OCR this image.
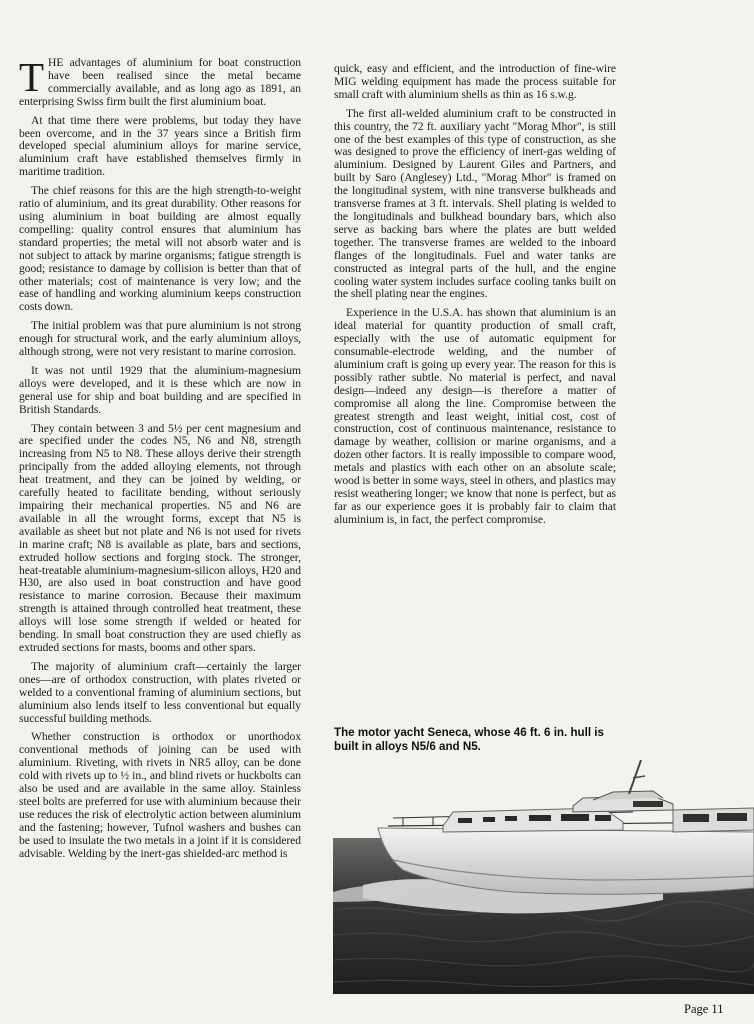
THE advantages of aluminium for boat construction have been realised since the metal became commercially available, and as long ago as 1891, an enterprising Swiss firm built the first aluminium boat.

At that time there were problems, but today they have been overcome, and in the 37 years since a British firm developed special aluminium alloys for marine service, aluminium craft have established themselves firmly in maritime tradition.

The chief reasons for this are the high strength-to-weight ratio of aluminium, and its great durability. Other reasons for using aluminium in boat building are almost equally compelling: quality control ensures that aluminium has standard properties; the metal will not absorb water and is not subject to attack by marine organisms; fatigue strength is good; resistance to damage by collision is better than that of other materials; cost of maintenance is very low; and the ease of handling and working aluminium keeps construction costs down.

The initial problem was that pure aluminium is not strong enough for structural work, and the early aluminium alloys, although strong, were not very resistant to marine corrosion.

It was not until 1929 that the aluminium-magnesium alloys were developed, and it is these which are now in general use for ship and boat building and are specified in British Standards.

They contain between 3 and 5½ per cent magnesium and are specified under the codes N5, N6 and N8, strength increasing from N5 to N8. These alloys derive their strength principally from the added alloying elements, not through heat treatment, and they can be joined by welding, or carefully heated to facilitate bending, without seriously impairing their mechanical properties. N5 and N6 are available in all the wrought forms, except that N5 is available as sheet but not plate and N6 is not used for rivets in marine craft; N8 is available as plate, bars and sections, extruded hollow sections and forging stock. The stronger, heat-treatable aluminium-magnesium-silicon alloys, H20 and H30, are also used in boat construction and have good resistance to marine corrosion. Because their maximum strength is attained through controlled heat treatment, these alloys will lose some strength if welded or heated for bending. In small boat construction they are used chiefly as extruded sections for masts, booms and other spars.

The majority of aluminium craft—certainly the larger ones—are of orthodox construction, with plates riveted or welded to a conventional framing of aluminium sections, but aluminium also lends itself to less conventional but equally successful building methods.

Whether construction is orthodox or unorthodox conventional methods of joining can be used with aluminium. Riveting, with rivets in NR5 alloy, can be done cold with rivets up to ½ in., and blind rivets or huckbolts can also be used and are available in the same alloy. Stainless steel bolts are preferred for use with aluminium because their use reduces the risk of electrolytic action between aluminium and the fastening; however, Tufnol washers and bushes can be used to insulate the two metals in a joint if it is considered advisable. Welding by the inert-gas shielded-arc method is

quick, easy and efficient, and the introduction of fine-wire MIG welding equipment has made the process suitable for small craft with aluminium shells as thin as 16 s.w.g.

The first all-welded aluminium craft to be constructed in this country, the 72 ft. auxiliary yacht "Morag Mhor", is still one of the best examples of this type of construction, as she was designed to prove the efficiency of inert-gas welding of aluminium. Designed by Laurent Giles and Partners, and built by Saro (Anglesey) Ltd., "Morag Mhor" is framed on the longitudinal system, with nine transverse bulkheads and transverse frames at 3 ft. intervals. Shell plating is welded to the longitudinals and bulkhead boundary bars, which also serve as backing bars where the plates are butt welded together. The transverse frames are welded to the inboard flanges of the longitudinals. Fuel and water tanks are constructed as integral parts of the hull, and the engine cooling water system includes surface cooling tanks built on the shell plating near the engines.

Experience in the U.S.A. has shown that aluminium is an ideal material for quantity production of small craft, especially with the use of automatic equipment for consumable-electrode welding, and the number of aluminium craft is going up every year. The reason for this is possibly rather subtle. No material is perfect, and naval design—indeed any design—is therefore a matter of compromise all along the line. Compromise between the greatest strength and least weight, initial cost, cost of construction, cost of continuous maintenance, resistance to damage by weather, collision or marine organisms, and a dozen other factors. It is really impossible to compare wood, metals and plastics with each other on an absolute scale; wood is better in some ways, steel in others, and plastics may resist weathering longer; we know that none is perfect, but as far as our experience goes it is probably fair to claim that aluminium is, in fact, the perfect compromise.

The motor yacht Seneca, whose 46 ft. 6 in. hull is built in alloys N5/6 and N5.
Page 11
